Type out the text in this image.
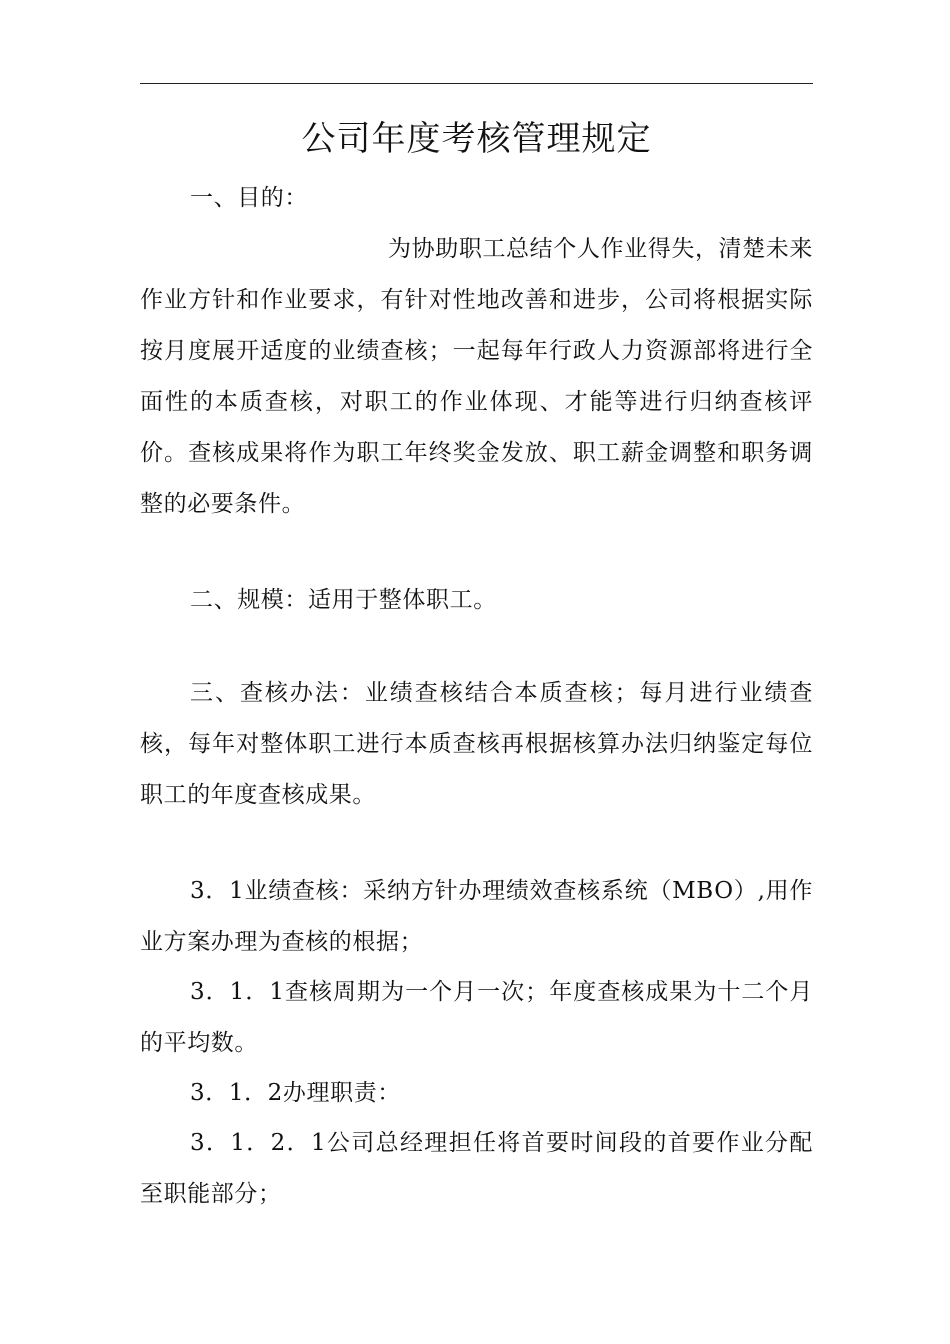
公司年度考核管理规定

一、目的：

为协助职工总结个人作业得失，清楚未来作业方针和作业要求，有针对性地改善和进步，公司将根据实际按月度展开适度的业绩查核；一起每年行政人力资源部将进行全面性的本质查核，对职工的作业体现、才能等进行归纳查核评价。查核成果将作为职工年终奖金发放、职工薪金调整和职务调整的必要条件。

二、规模：适用于整体职工。

三、查核办法：业绩查核结合本质查核；每月进行业绩查核，每年对整体职工进行本质查核再根据核算办法归纳鉴定每位职工的年度查核成果。

3．1业绩查核：采纳方针办理绩效查核系统（MBO）,用作业方案办理为查核的根据；

3．1．1查核周期为一个月一次；年度查核成果为十二个月的平均数。

3．1．2办理职责：

3．1．2．1公司总经理担任将首要时间段的首要作业分配至职能部分；
